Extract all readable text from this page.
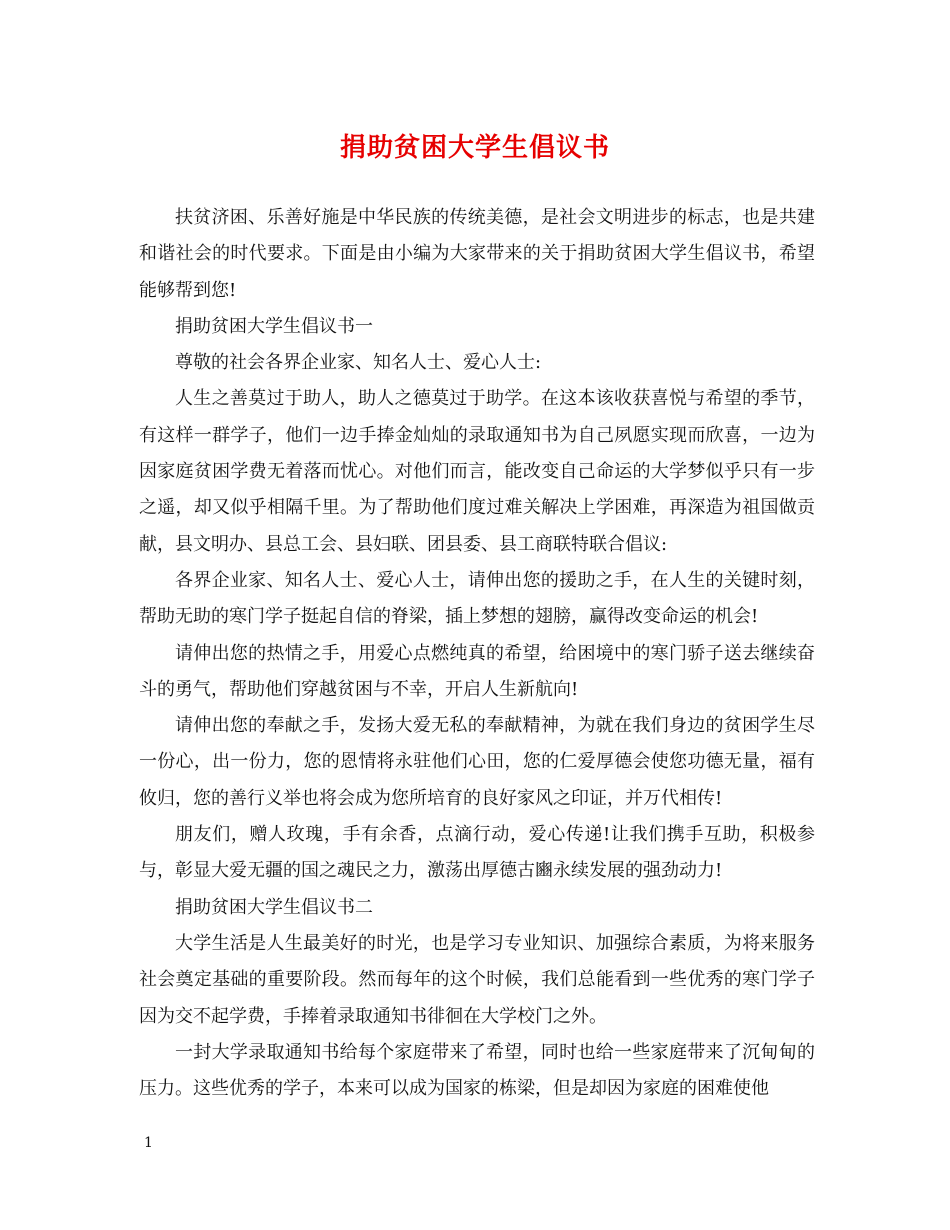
捐助贫困大学生倡议书

扶贫济困、乐善好施是中华民族的传统美德，是社会文明进步的标志，也是共建和谐社会的时代要求。下面是由小编为大家带来的关于捐助贫困大学生倡议书，希望能够帮到您!

捐助贫困大学生倡议书一

尊敬的社会各界企业家、知名人士、爱心人士:

人生之善莫过于助人，助人之德莫过于助学。在这本该收获喜悦与希望的季节，有这样一群学子，他们一边手捧金灿灿的录取通知书为自己夙愿实现而欣喜，一边为因家庭贫困学费无着落而忧心。对他们而言，能改变自己命运的大学梦似乎只有一步之遥，却又似乎相隔千里。为了帮助他们度过难关解决上学困难，再深造为祖国做贡献，县文明办、县总工会、县妇联、团县委、县工商联特联合倡议:

各界企业家、知名人士、爱心人士，请伸出您的援助之手，在人生的关键时刻，帮助无助的寒门学子挺起自信的脊梁，插上梦想的翅膀，赢得改变命运的机会!

请伸出您的热情之手，用爱心点燃纯真的希望，给困境中的寒门骄子送去继续奋斗的勇气，帮助他们穿越贫困与不幸，开启人生新航向!

请伸出您的奉献之手，发扬大爱无私的奉献精神，为就在我们身边的贫困学生尽一份心，出一份力，您的恩情将永驻他们心田，您的仁爱厚德会使您功德无量，福有攸归，您的善行义举也将会成为您所培育的良好家风之印证，并万代相传!

朋友们，赠人玫瑰，手有余香，点滴行动，爱心传递!让我们携手互助，积极参与，彰显大爱无疆的国之魂民之力，激荡出厚德古豳永续发展的强劲动力!

捐助贫困大学生倡议书二

大学生活是人生最美好的时光，也是学习专业知识、加强综合素质，为将来服务社会奠定基础的重要阶段。然而每年的这个时候，我们总能看到一些优秀的寒门学子因为交不起学费，手捧着录取通知书徘徊在大学校门之外。

一封大学录取通知书给每个家庭带来了希望，同时也给一些家庭带来了沉甸甸的压力。这些优秀的学子，本来可以成为国家的栋梁，但是却因为家庭的困难使他

1
